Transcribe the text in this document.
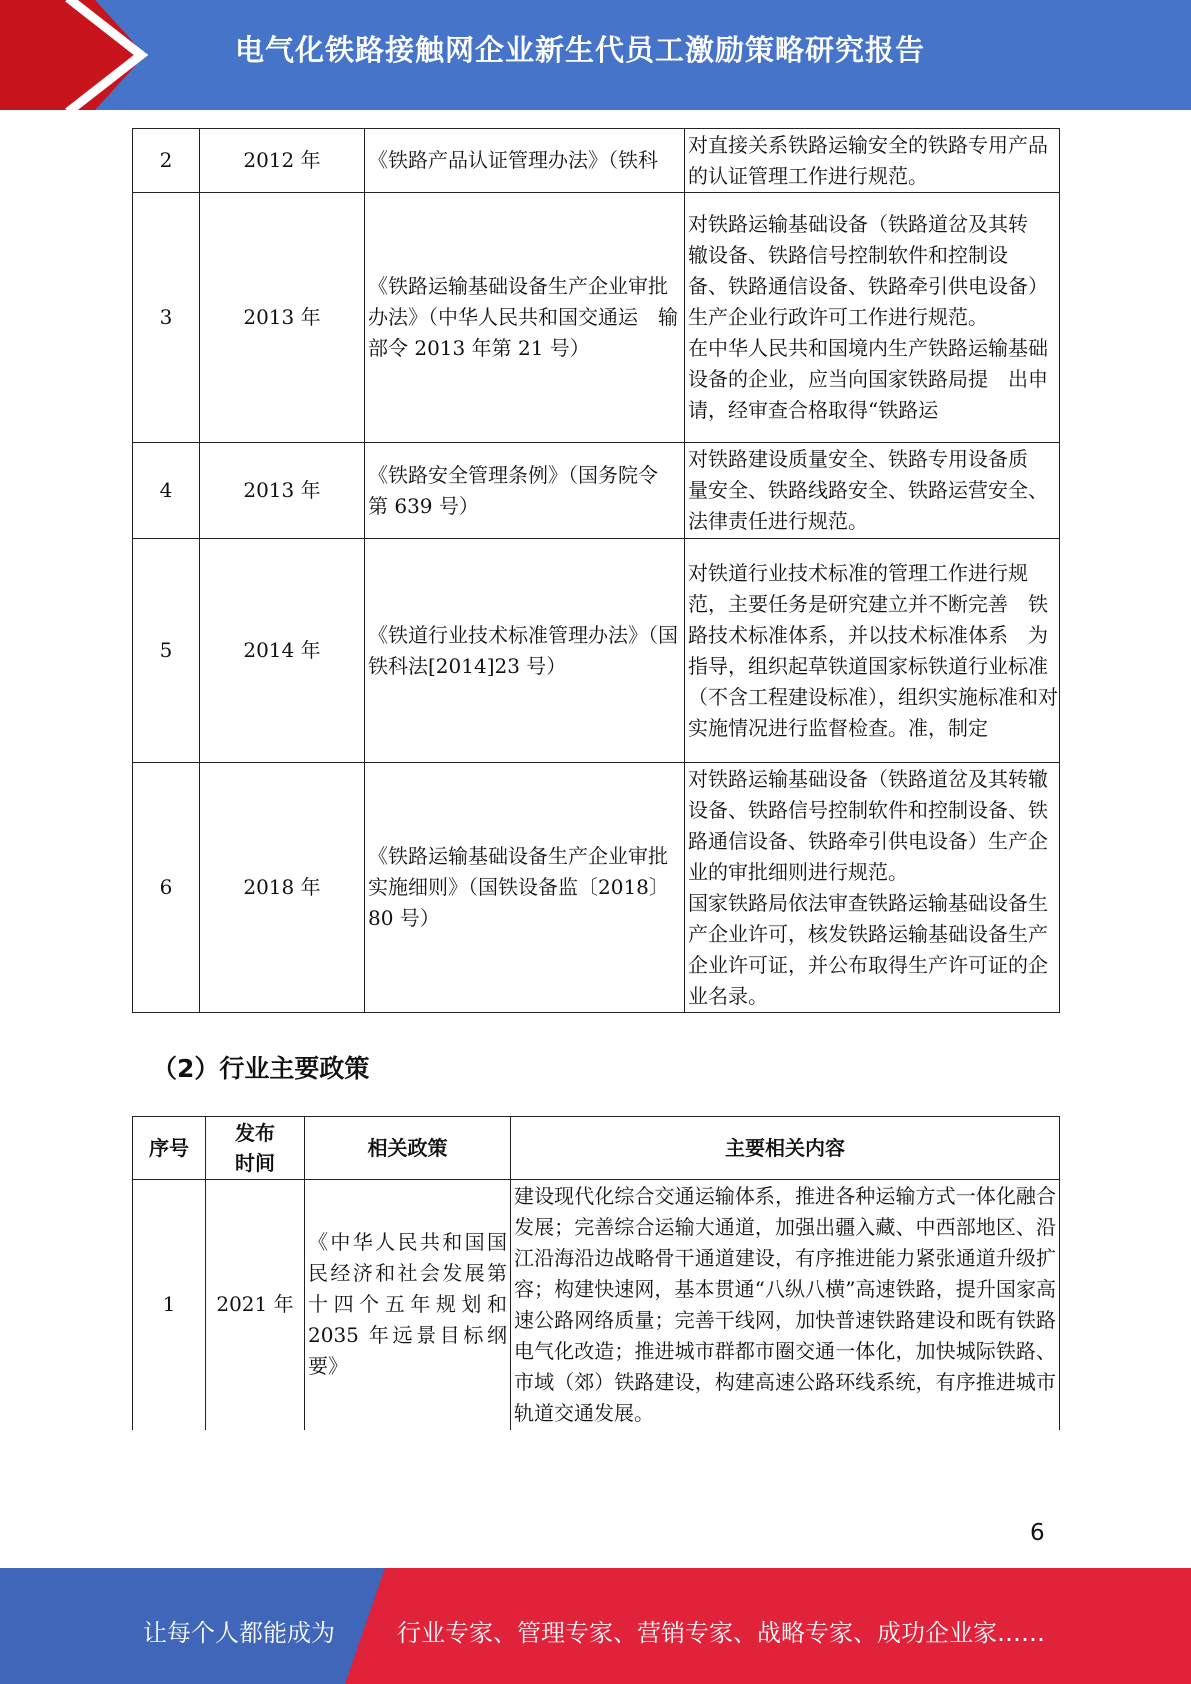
电气化铁路接触网企业新生代员工激励策略研究报告
2	2012 年	《铁路产品认证管理办法》（铁科	对直接关系铁路运输安全的铁路专用产品的认证管理工作进行规范。
3	2013 年	《铁路运输基础设备生产企业审批办法》（中华人民共和国交通运　输部令 2013 年第 21 号）	对铁路运输基础设备（铁路道岔及其转　辙设备、铁路信号控制软件和控制设　备、铁路通信设备、铁路牵引供电设备）　生产企业行政许可工作进行规范。
在中华人民共和国境内生产铁路运输基础设备的企业，应当向国家铁路局提　出申请，经审查合格取得“铁路运

4	2013 年	《铁路安全管理条例》（国务院令　第 639 号）	对铁路建设质量安全、铁路专用设备质　量安全、铁路线路安全、铁路运营安全、　法律责任进行规范。
5	2014 年	《铁道行业技术标准管理办法》（国铁科法[2014]23 号）	对铁道行业技术标准的管理工作进行规范，主要任务是研究建立并不断完善　铁路技术标准体系，并以技术标准体系　为指导，组织起草铁道国家标铁道行业标准（不含工程建设标准），组织实施标准和对实施情况进行监督检查。准，制定
6	2018 年	《铁路运输基础设备生产企业审批实施细则》（国铁设备监〔2018〕 80 号）	对铁路运输基础设备（铁路道岔及其转辙设备、铁路信号控制软件和控制设备、铁路通信设备、铁路牵引供电设备）生产企业的审批细则进行规范。
国家铁路局依法审查铁路运输基础设备生产企业许可，核发铁路运输基础设备生产企业许可证，并公布取得生产许可证的企业名录。
（2）行业主要政策
序号	发布时间	相关政策	主要相关内容
1	2021 年	《中华人民共和国国民经济和社会发展第十四个五年规划和 2035 年远景目标纲要》	建设现代化综合交通运输体系，推进各种运输方式一体化融合发展；完善综合运输大通道，加强出疆入藏、中西部地区、沿江沿海沿边战略骨干通道建设，有序推进能力紧张通道升级扩容；构建快速网，基本贯通“八纵八横”高速铁路，提升国家高速公路网络质量；完善干线网，加快普速铁路建设和既有铁路电气化改造；推进城市群都市圈交通一体化，加快城际铁路、市域（郊）铁路建设，构建高速公路环线系统，有序推进城市轨道交通发展。
6
让每个人都能成为	行业专家、管理专家、营销专家、战略专家、成功企业家……
